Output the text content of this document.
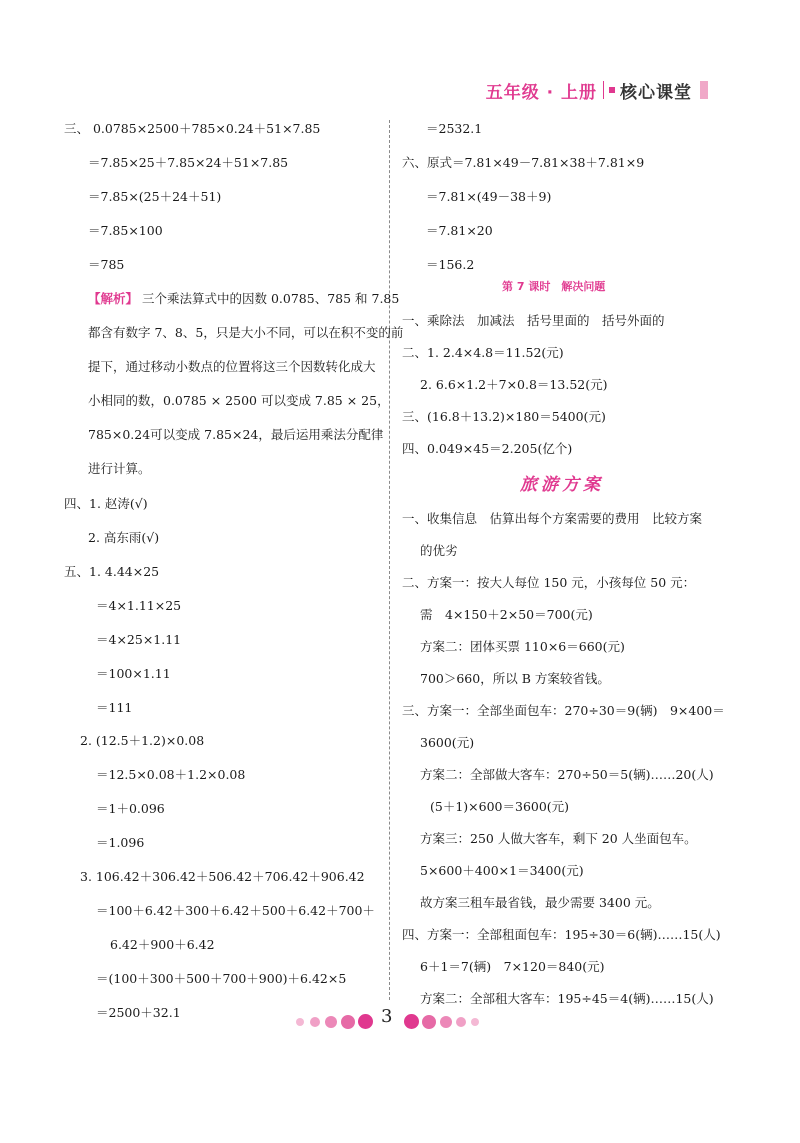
五年级 · 上册 核心课堂
三、 0.0785×2500＋785×0.24＋51×7.85
＝7.85×25＋7.85×24＋51×7.85
＝7.85×(25＋24＋51)
＝7.85×100
＝785
【解析】 三个乘法算式中的因数 0.0785、785 和 7.85
都含有数字 7、8、5，只是大小不同，可以在积不变的前
提下，通过移动小数点的位置将这三个因数转化成大
小相同的数，0.0785 × 2500 可以变成 7.85 × 25，
785×0.24可以变成 7.85×24，最后运用乘法分配律
进行计算。
四、1. 赵涛(√)
2. 高东雨(√)
五、1. 4.44×25
＝4×1.11×25
＝4×25×1.11
＝100×1.11
＝111
2. (12.5＋1.2)×0.08
＝12.5×0.08＋1.2×0.08
＝1＋0.096
＝1.096
3. 106.42＋306.42＋506.42＋706.42＋906.42
＝100＋6.42＋300＋6.42＋500＋6.42＋700＋
6.42＋900＋6.42
＝(100＋300＋500＋700＋900)＋6.42×5
＝2500＋32.1
＝2532.1
六、原式＝7.81×49－7.81×38＋7.81×9
＝7.81×(49－38＋9)
＝7.81×20
＝156.2
第 7 课时　解决问题
一、乘除法　加减法　括号里面的　括号外面的
二、1. 2.4×4.8＝11.52(元)
2. 6.6×1.2＋7×0.8＝13.52(元)
三、(16.8＋13.2)×180＝5400(元)
四、0.049×45＝2.205(亿个)
旅游方案
一、收集信息　估算出每个方案需要的费用　比较方案
的优劣
二、方案一：按大人每位 150 元，小孩每位 50 元：
需　4×150＋2×50＝700(元)
方案二：团体买票 110×6＝660(元)
700＞660，所以 B 方案较省钱。
三、方案一：全部坐面包车：270÷30＝9(辆)　9×400＝
3600(元)
方案二：全部做大客车：270÷50＝5(辆)……20(人)
(5＋1)×600＝3600(元)
方案三：250 人做大客车，剩下 20 人坐面包车。
5×600＋400×1＝3400(元)
故方案三租车最省钱，最少需要 3400 元。
四、方案一：全部租面包车：195÷30＝6(辆)……15(人)
6＋1＝7(辆)　7×120＝840(元)
方案二：全部租大客车：195÷45＝4(辆)……15(人)
3
